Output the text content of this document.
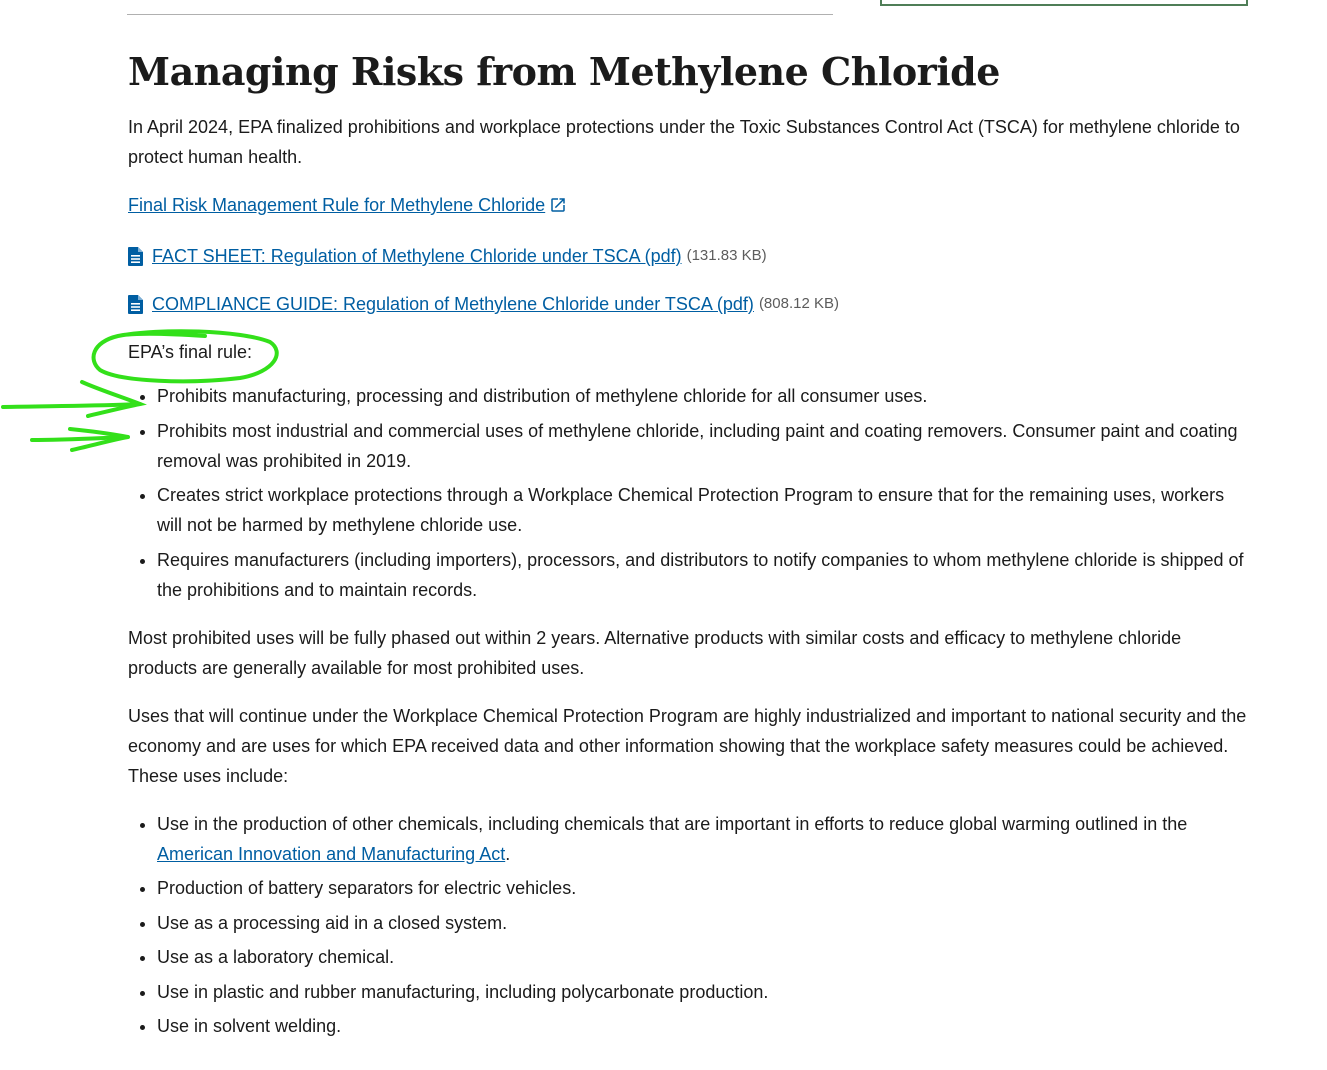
Managing Risks from Methylene Chloride

In April 2024, EPA finalized prohibitions and workplace protections under the Toxic Substances Control Act (TSCA) for methylene chloride to protect human health.

Final Risk Management Rule for Methylene Chloride

FACT SHEET: Regulation of Methylene Chloride under TSCA (pdf) (131.83 KB)
COMPLIANCE GUIDE: Regulation of Methylene Chloride under TSCA (pdf) (808.12 KB)

EPA’s final rule:

• Prohibits manufacturing, processing and distribution of methylene chloride for all consumer uses.
• Prohibits most industrial and commercial uses of methylene chloride, including paint and coating removers. Consumer paint and coating removal was prohibited in 2019.
• Creates strict workplace protections through a Workplace Chemical Protection Program to ensure that for the remaining uses, workers will not be harmed by methylene chloride use.
• Requires manufacturers (including importers), processors, and distributors to notify companies to whom methylene chloride is shipped of the prohibitions and to maintain records.

Most prohibited uses will be fully phased out within 2 years. Alternative products with similar costs and efficacy to methylene chloride products are generally available for most prohibited uses.

Uses that will continue under the Workplace Chemical Protection Program are highly industrialized and important to national security and the economy and are uses for which EPA received data and other information showing that the workplace safety measures could be achieved. These uses include:

• Use in the production of other chemicals, including chemicals that are important in efforts to reduce global warming outlined in the American Innovation and Manufacturing Act.
• Production of battery separators for electric vehicles.
• Use as a processing aid in a closed system.
• Use as a laboratory chemical.
• Use in plastic and rubber manufacturing, including polycarbonate production.
• Use in solvent welding.
